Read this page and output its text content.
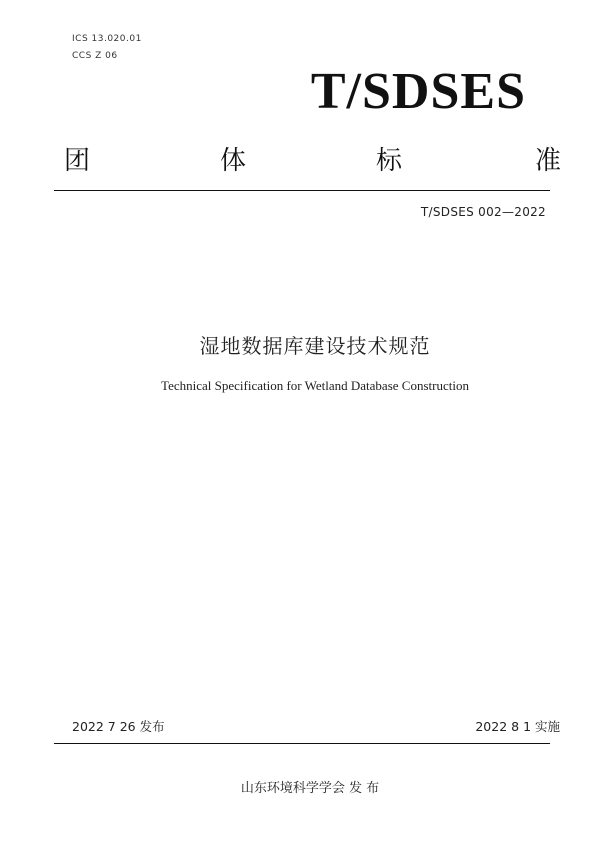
ICS 13.020.01
CCS Z 06
T/SDSES
团	体	标	准
T/SDSES 002—2022
湿地数据库建设技术规范
Technical Specification for Wetland Database Construction
2022 7 26 发布	2022 8 1 实施
山东环境科学学会 发 布
